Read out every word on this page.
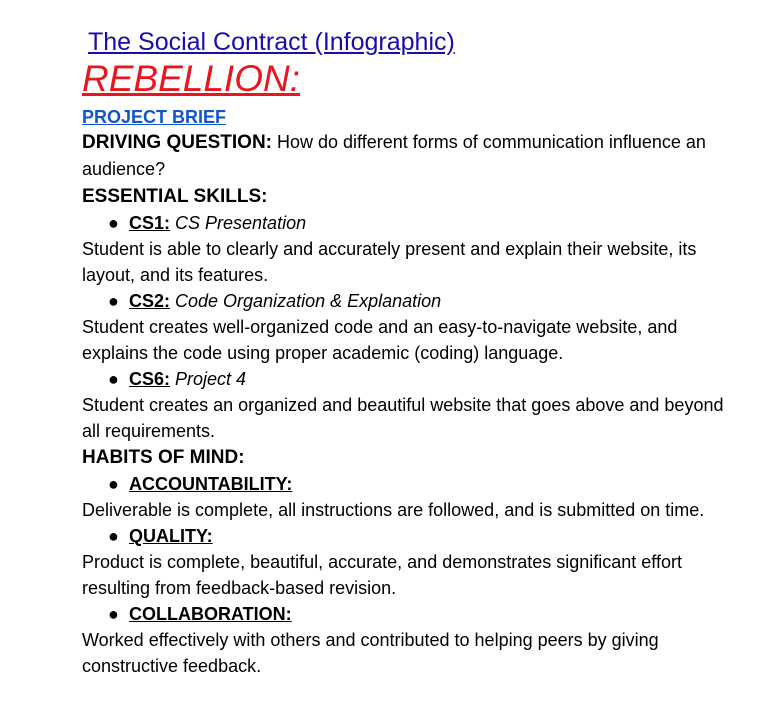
The Social Contract (Infographic)
REBELLION:
PROJECT BRIEF
DRIVING QUESTION: How do different forms of communication influence an audience?
ESSENTIAL SKILLS:
● CS1: CS Presentation
Student is able to clearly and accurately present and explain their website, its layout, and its features.
● CS2: Code Organization & Explanation
Student creates well-organized code and an easy-to-navigate website, and explains the code using proper academic (coding) language.
● CS6: Project 4
Student creates an organized and beautiful website that goes above and beyond all requirements.
HABITS OF MIND:
● ACCOUNTABILITY:
Deliverable is complete, all instructions are followed, and is submitted on time.
● QUALITY:
Product is complete, beautiful, accurate, and demonstrates significant effort resulting from feedback-based revision.
● COLLABORATION:
Worked effectively with others and contributed to helping peers by giving constructive feedback.
